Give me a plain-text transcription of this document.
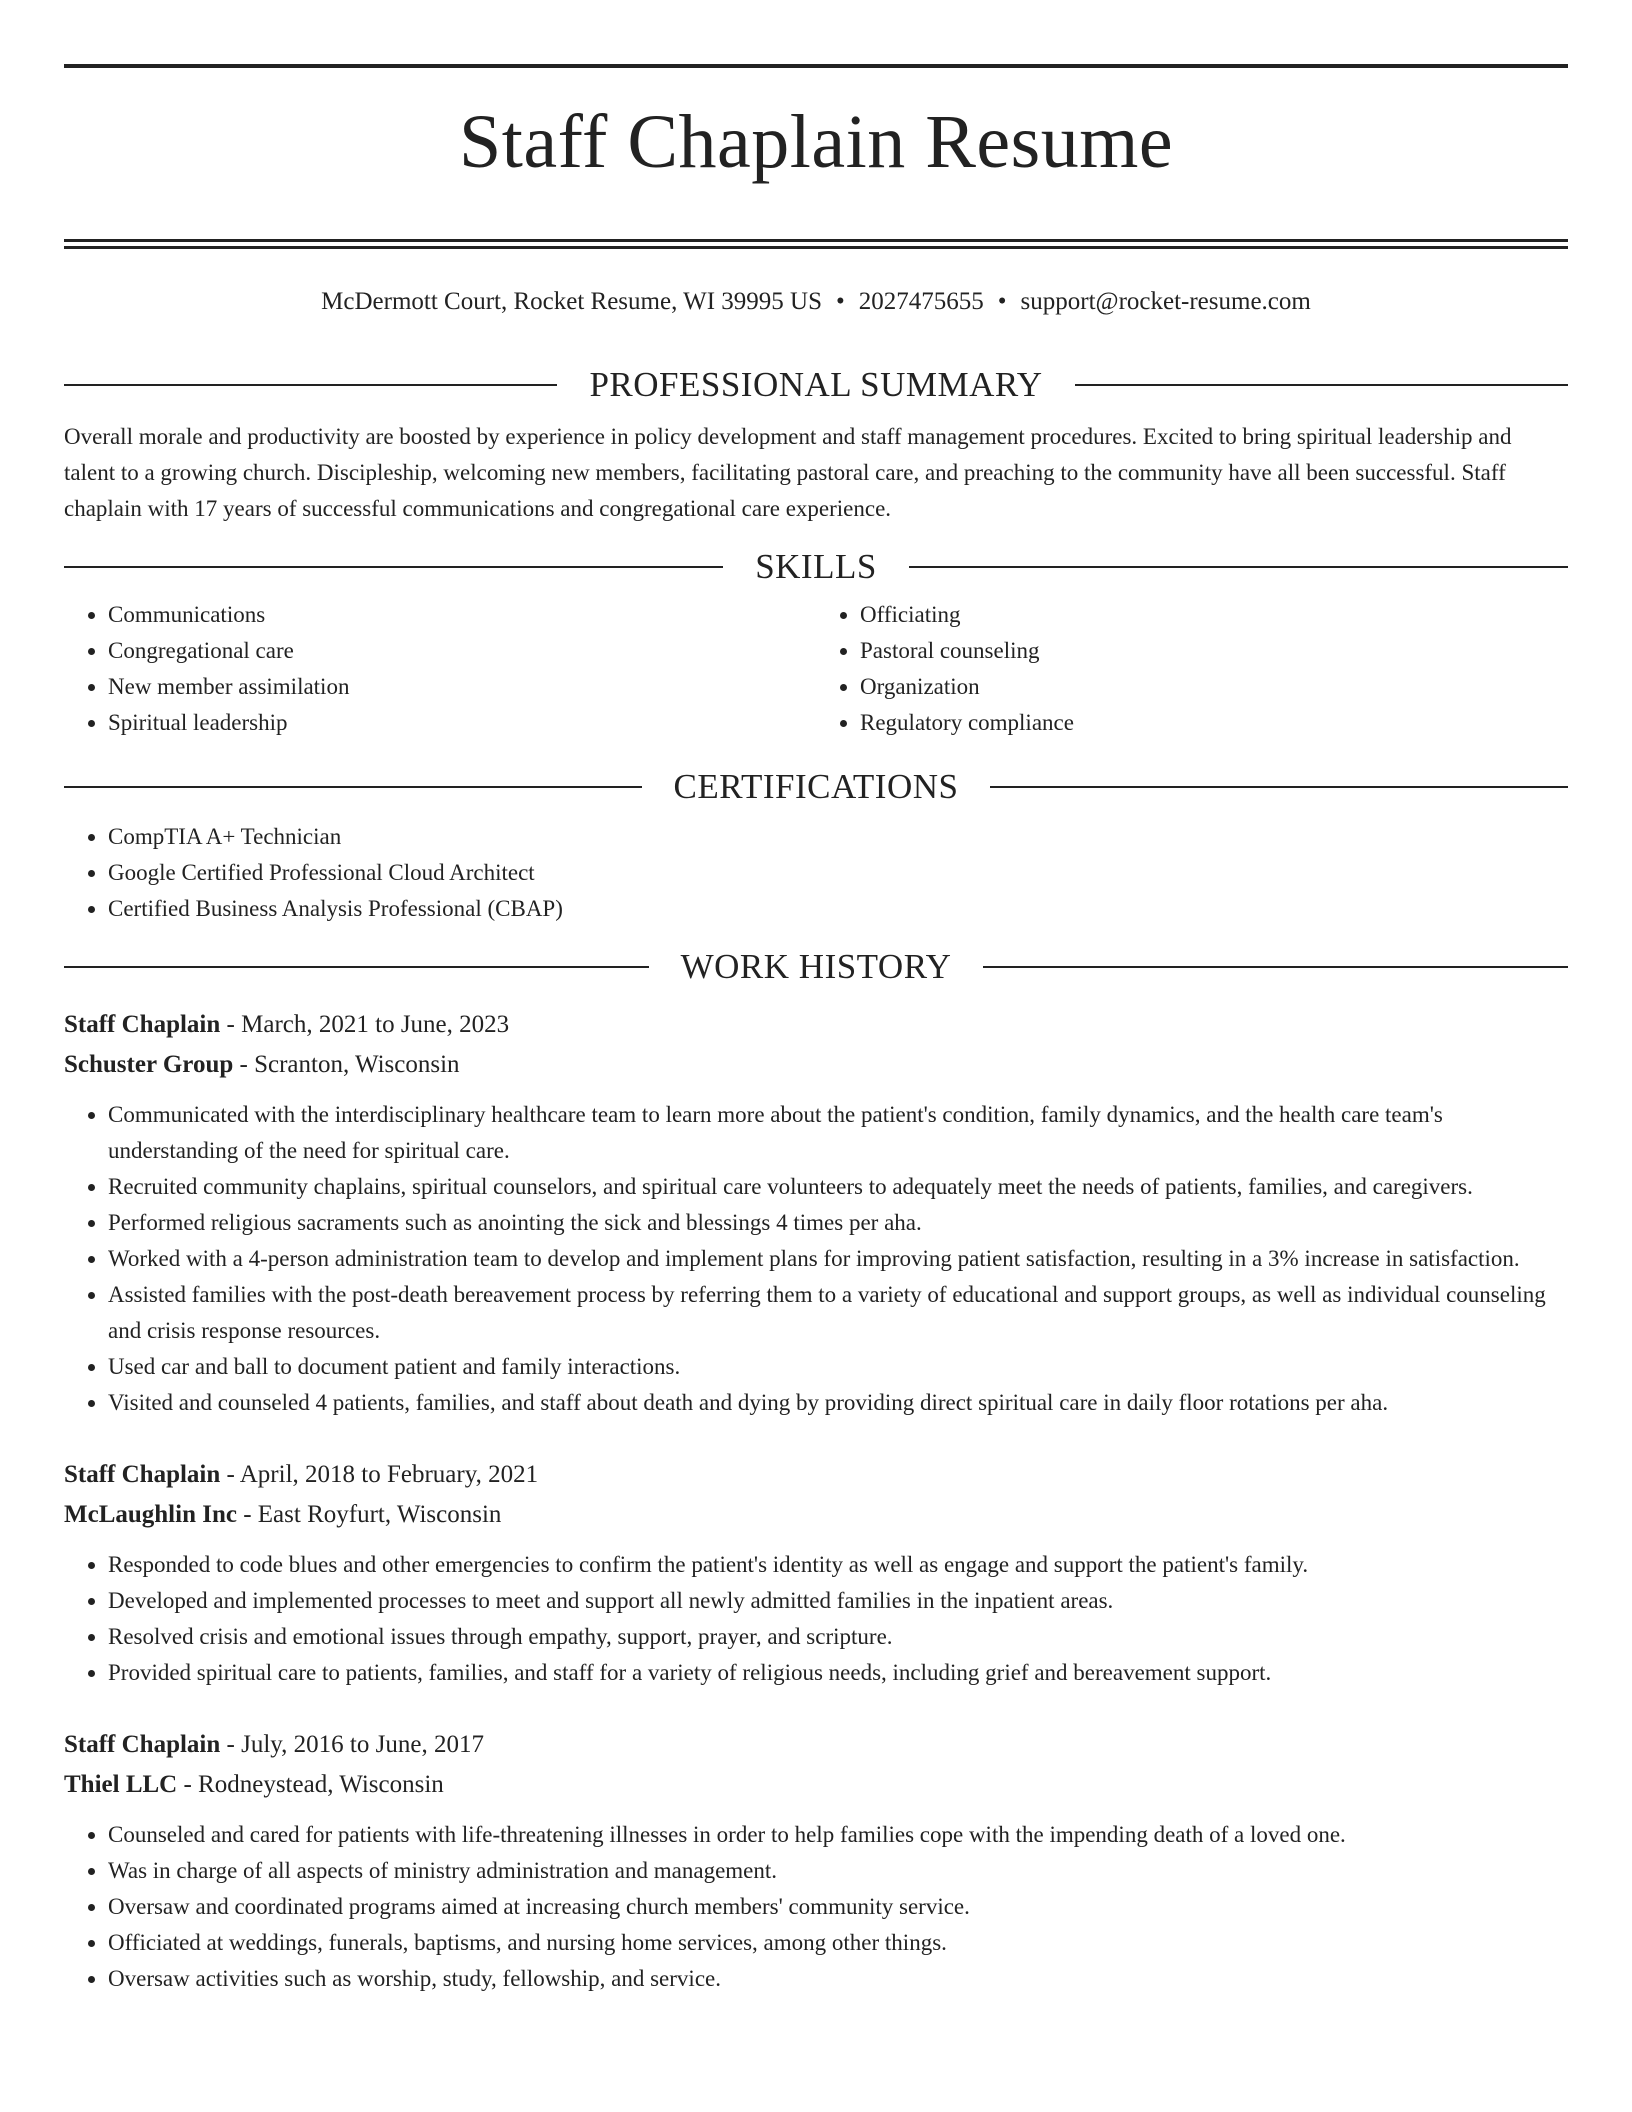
Staff Chaplain Resume
McDermott Court, Rocket Resume, WI 39995 US • 2027475655 • support@rocket-resume.com
PROFESSIONAL SUMMARY

Overall morale and productivity are boosted by experience in policy development and staff management procedures. Excited to bring spiritual leadership and talent to a growing church. Discipleship, welcoming new members, facilitating pastoral care, and preaching to the community have all been successful. Staff chaplain with 17 years of successful communications and congregational care experience.

SKILLS
• Communications
• Congregational care
• New member assimilation
• Spiritual leadership
• Officiating
• Pastoral counseling
• Organization
• Regulatory compliance
CERTIFICATIONS
• CompTIA A+ Technician
• Google Certified Professional Cloud Architect
• Certified Business Analysis Professional (CBAP)
WORK HISTORY
Staff Chaplain - March, 2021 to June, 2023
Schuster Group - Scranton, Wisconsin
• Communicated with the interdisciplinary healthcare team to learn more about the patient's condition, family dynamics, and the health care team's understanding of the need for spiritual care.
• Recruited community chaplains, spiritual counselors, and spiritual care volunteers to adequately meet the needs of patients, families, and caregivers.
• Performed religious sacraments such as anointing the sick and blessings 4 times per aha.
• Worked with a 4-person administration team to develop and implement plans for improving patient satisfaction, resulting in a 3% increase in satisfaction.
• Assisted families with the post-death bereavement process by referring them to a variety of educational and support groups, as well as individual counseling and crisis response resources.
• Used car and ball to document patient and family interactions.
• Visited and counseled 4 patients, families, and staff about death and dying by providing direct spiritual care in daily floor rotations per aha.
Staff Chaplain - April, 2018 to February, 2021
McLaughlin Inc - East Royfurt, Wisconsin
• Responded to code blues and other emergencies to confirm the patient's identity as well as engage and support the patient's family.
• Developed and implemented processes to meet and support all newly admitted families in the inpatient areas.
• Resolved crisis and emotional issues through empathy, support, prayer, and scripture.
• Provided spiritual care to patients, families, and staff for a variety of religious needs, including grief and bereavement support.
Staff Chaplain - July, 2016 to June, 2017
Thiel LLC - Rodneystead, Wisconsin
• Counseled and cared for patients with life-threatening illnesses in order to help families cope with the impending death of a loved one.
• Was in charge of all aspects of ministry administration and management.
• Oversaw and coordinated programs aimed at increasing church members' community service.
• Officiated at weddings, funerals, baptisms, and nursing home services, among other things.
• Oversaw activities such as worship, study, fellowship, and service.
